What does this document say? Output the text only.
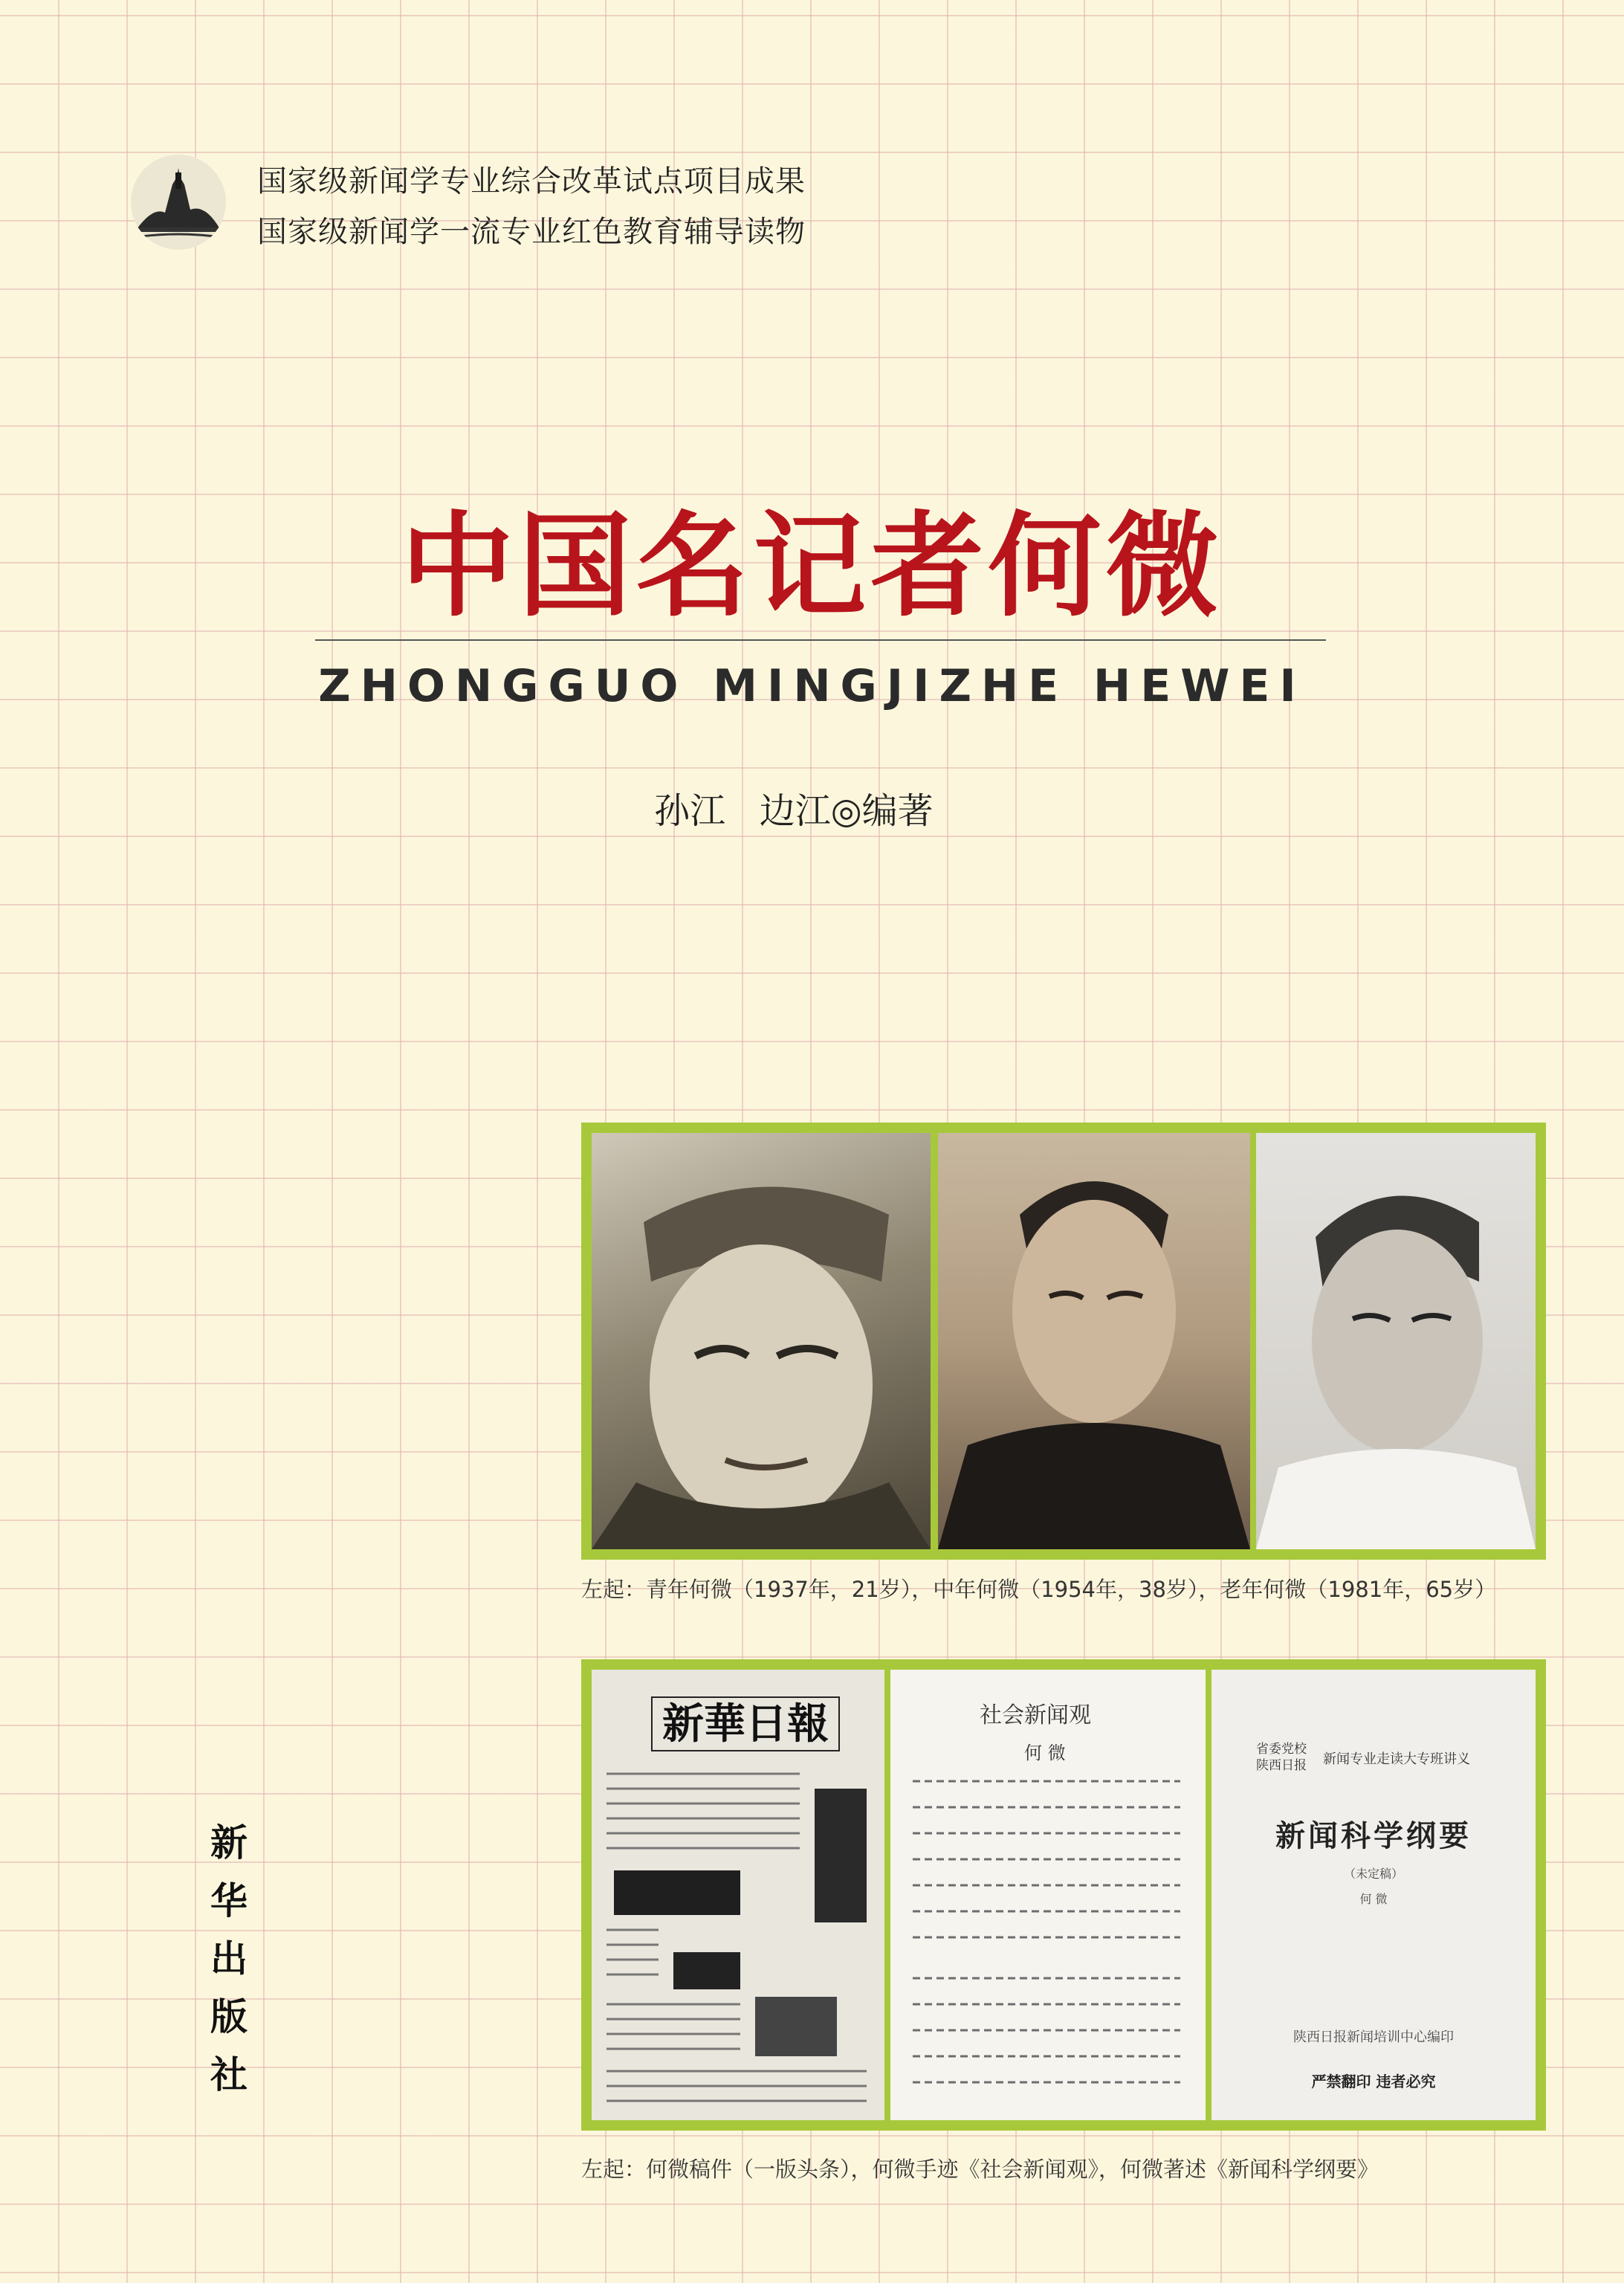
国家级新闻学专业综合改革试点项目成果
国家级新闻学一流专业红色教育辅导读物
中国名记者何微
ZHONGGUO MINGJIZHE HEWEI
孙江   边江◎编著
左起：青年何微（1937年，21岁），中年何微（1954年，38岁），老年何微（1981年，65岁）
新華日報	社会新闻观
何 微	省委党校 陕西日报	新闻专业走读大专班讲义
新闻科学纲要
（未定稿）
何 微
陕西日报新闻培训中心编印
严禁翻印 违者必究
左起：何微稿件（一版头条），何微手迹《社会新闻观》，何微著述《新闻科学纲要》
新
华
出
版
社
